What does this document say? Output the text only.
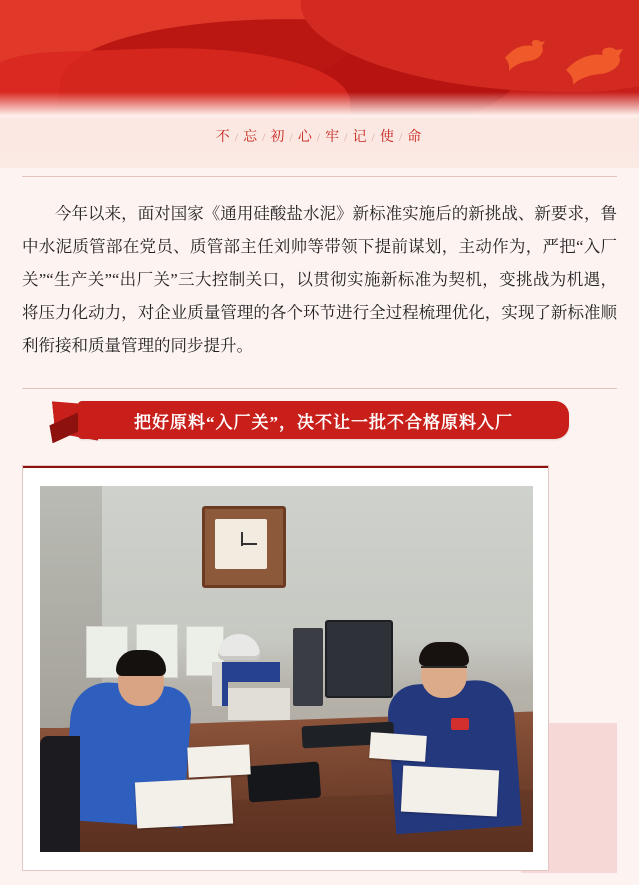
不 / 忘 / 初 / 心 / 牢 / 记 / 使 / 命

今年以来，面对国家《通用硅酸盐水泥》新标准实施后的新挑战、新要求，鲁中水泥质管部在党员、质管部主任刘帅等带领下提前谋划，主动作为，严把“入厂关”“生产关”“出厂关”三大控制关口，以贯彻实施新标准为契机，变挑战为机遇，将压力化动力，对企业质量管理的各个环节进行全过程梳理优化，实现了新标准顺利衔接和质量管理的同步提升。

把好原料“入厂关”，决不让一批不合格原料入厂
